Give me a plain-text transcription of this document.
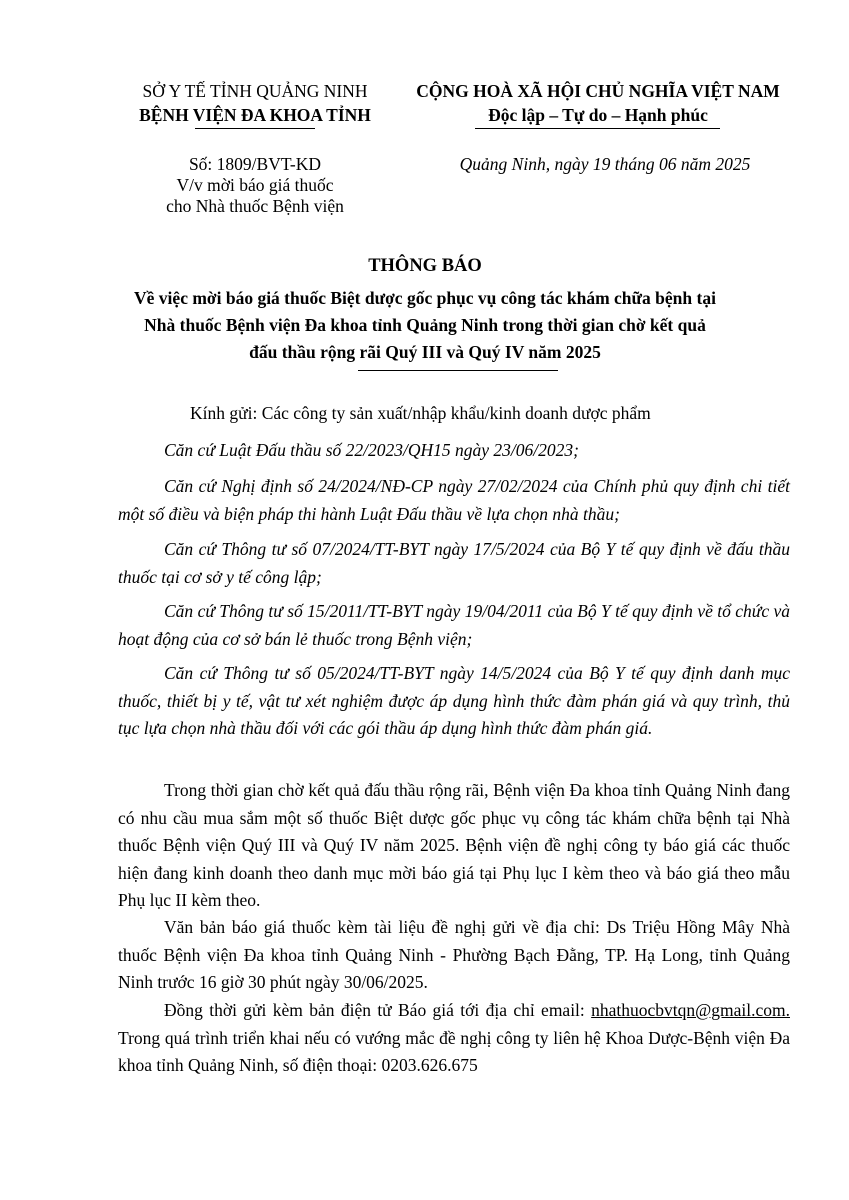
SỞ Y TẾ TỈNH QUẢNG NINH
BỆNH VIỆN ĐA KHOA TỈNH
CỘNG HOÀ XÃ HỘI CHỦ NGHĨA VIỆT NAM
Độc lập – Tự do – Hạnh phúc
Số: 1809/BVT-KD
V/v mời báo giá thuốc
cho Nhà thuốc Bệnh viện
Quảng Ninh, ngày 19 tháng 06 năm 2025
THÔNG BÁO
Về việc mời báo giá thuốc Biệt dược gốc phục vụ công tác khám chữa bệnh tại
Nhà thuốc Bệnh viện Đa khoa tỉnh Quảng Ninh trong thời gian chờ kết quả
đấu thầu rộng rãi Quý III và Quý IV năm 2025
Kính gửi: Các công ty sản xuất/nhập khẩu/kinh doanh dược phẩm
Căn cứ Luật Đấu thầu số 22/2023/QH15 ngày 23/06/2023;
Căn cứ Nghị định số 24/2024/NĐ-CP ngày 27/02/2024 của Chính phủ quy định chi tiết một số điều và biện pháp thi hành Luật Đấu thầu về lựa chọn nhà thầu;
Căn cứ Thông tư số 07/2024/TT-BYT ngày 17/5/2024 của Bộ Y tế quy định về đấu thầu thuốc tại cơ sở y tế công lập;
Căn cứ Thông tư số 15/2011/TT-BYT ngày 19/04/2011 của Bộ Y tế quy định về tổ chức và hoạt động của cơ sở bán lẻ thuốc trong Bệnh viện;
Căn cứ Thông tư số 05/2024/TT-BYT ngày 14/5/2024 của Bộ Y tế quy định danh mục thuốc, thiết bị y tế, vật tư xét nghiệm được áp dụng hình thức đàm phán giá và quy trình, thủ tục lựa chọn nhà thầu đối với các gói thầu áp dụng hình thức đàm phán giá.
Trong thời gian chờ kết quả đấu thầu rộng rãi, Bệnh viện Đa khoa tỉnh Quảng Ninh đang có nhu cầu mua sắm một số thuốc Biệt dược gốc phục vụ công tác khám chữa bệnh tại Nhà thuốc Bệnh viện Quý III và Quý IV năm 2025. Bệnh viện đề nghị công ty báo giá các thuốc hiện đang kinh doanh theo danh mục mời báo giá tại Phụ lục I kèm theo và báo giá theo mẫu Phụ lục II kèm theo.
Văn bản báo giá thuốc kèm tài liệu đề nghị gửi về địa chỉ: Ds Triệu Hồng Mây Nhà thuốc Bệnh viện Đa khoa tỉnh Quảng Ninh - Phường Bạch Đằng, TP. Hạ Long, tỉnh Quảng Ninh trước 16 giờ 30 phút ngày 30/06/2025.
Đồng thời gửi kèm bản điện tử Báo giá tới địa chỉ email: nhathuocbvtqn@gmail.com. Trong quá trình triển khai nếu có vướng mắc đề nghị công ty liên hệ Khoa Dược-Bệnh viện Đa khoa tỉnh Quảng Ninh, số điện thoại: 0203.626.675
